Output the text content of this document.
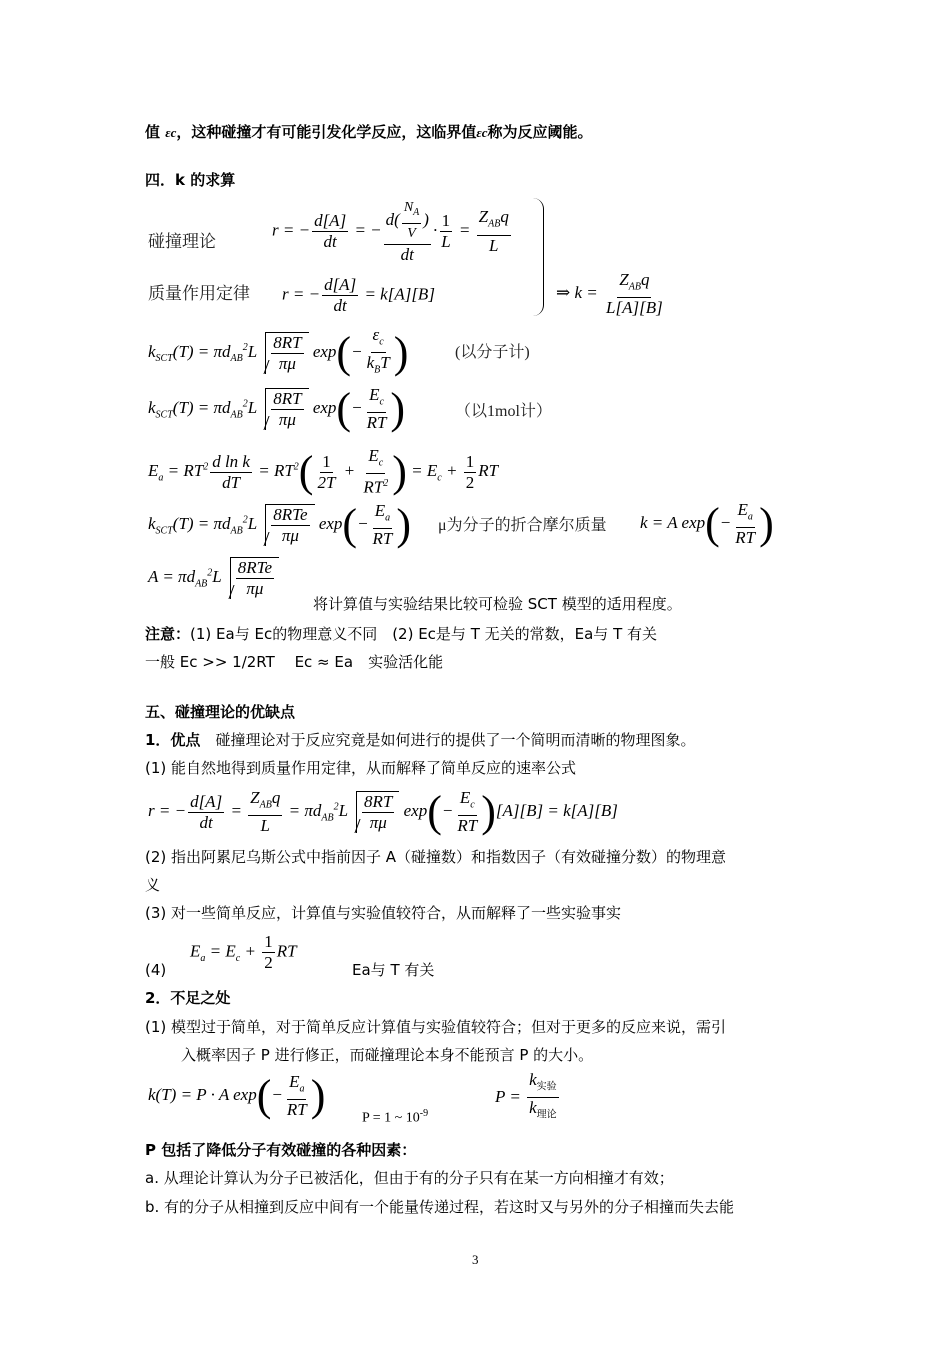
值 εc，这种碰撞才有可能引发化学反应，这临界值εc称为反应阈能。
四．k 的求算
碰撞理论
r = − $\frac{d[A]}{dt}$ = − $\frac{d( \frac{N_A}{V} )}{dt} \cdot \frac{1}{L} = \frac{Z_{AB}q}{L}$
质量作用定律 r = − $\frac{d[A]}{dt} = k[A][B]$	⇒ $k = \frac{Z_{AB}q}{L[A][B]}$
$k_{SCT}(T) = \pi d_{AB}^2L \frac{8RT}{\pi\mu} \exp(- \frac{\varepsilon_c}{k_BT}$ )	(以分子计)
$k_{SCT}(T) = \pi d_{AB}^2L \frac{8RT}{\pi\mu} \exp(- \frac{E_c}{RT}$ )	（以1mol计）
$E_a = RT^2 \frac{\text{d ln k}}{dT} = RT^2( \frac{1}{2T} + \frac{E_c}{RT^2}$ ) = $E_c + \frac{1}{2}$ RT
$k_{SCT}(T) = \pi d_{AB}^2L \frac{\text{8RTe}}{\pi\mu} \exp(- \frac{E_a}{RT}$ ) μ为分子的折合摩尔质量 k = A $\exp(- \frac{E_a}{RT}$ )
$A = \pi d_{AB}^2L \frac{\text{8RTe}}{\pi\mu}$
将计算值与实验结果比较可检验 SCT 模型的适用程度。
注意：(1) Ea与 Ec的物理意义不同　(2) Ec是与 T 无关的常数，Ea与 T 有关
一般 Ec >> 1/2RT　 Ec ≈ Ea　实验活化能
五、碰撞理论的优缺点
1．优点　 碰撞理论对于反应究竟是如何进行的提供了一个简明而清晰的物理图象。
(1) 能自然地得到质量作用定律，从而解释了简单反应的速率公式
r = − $\frac{d[A]}{dt} = \frac{Z_{AB}q}{L} = \pi d_{AB}^2L \frac{8RT}{\pi\mu} \exp(- \frac{E_c}{RT} )[A][B] = k[A][B]$
(2) 指出阿累尼乌斯公式中指前因子 A（碰撞数）和指数因子（有效碰撞分数）的物理意
义
(3) 对一些简单反应，计算值与实验值较符合，从而解释了一些实验事实
(4)
$E_a = E_c + \frac{1}{2}$ RT
Ea与 T 有关
2．不足之处
(1) 模型过于简单，对于简单反应计算值与实验值较符合；但对于更多的反应来说，需引
入概率因子 P 进行修正，而碰撞理论本身不能预言 P 的大小。
k(T) = P · A $\exp(- \frac{E_a}{RT}$ )	P = 1 ~ $10^{-9}$
$P = \frac{k_{实验}}{k_{理论}}$
P 包括了降低分子有效碰撞的各种因素：
a. 从理论计算认为分子已被活化，但由于有的分子只有在某一方向相撞才有效；
b. 有的分子从相撞到反应中间有一个能量传递过程，若这时又与另外的分子相撞而失去能
3
